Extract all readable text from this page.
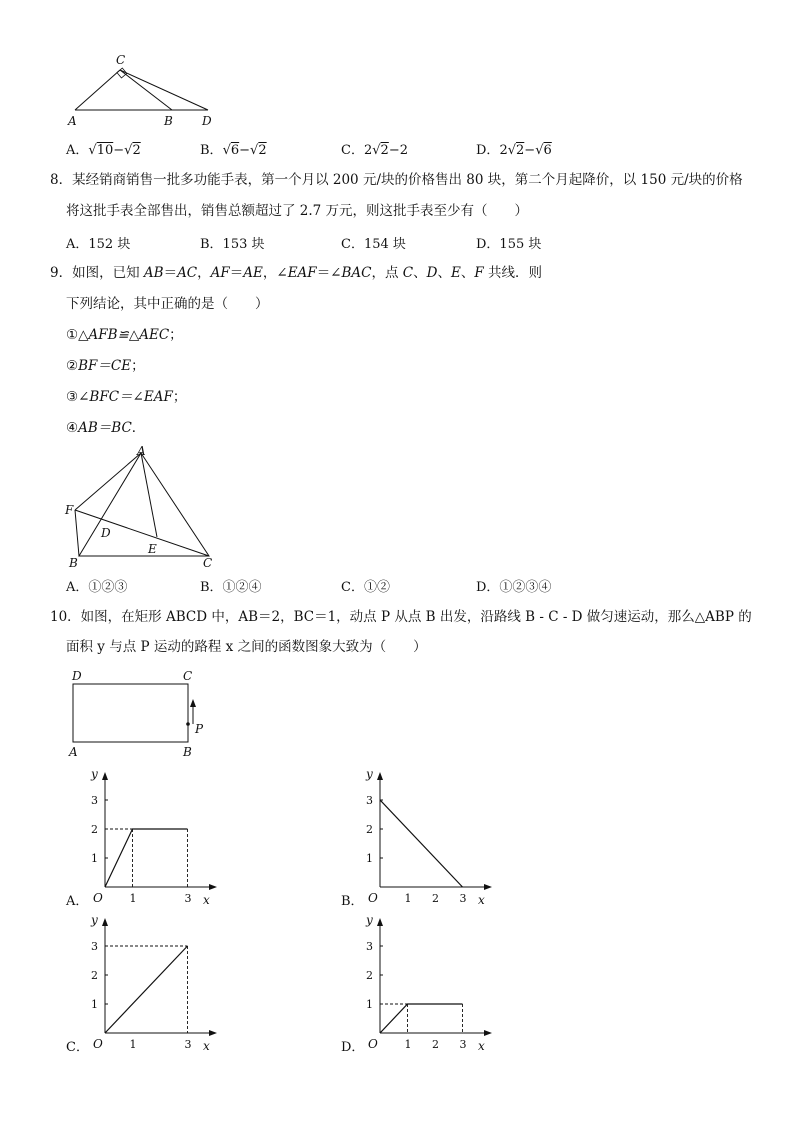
C
A	B D
A．√10−√2	B．√6−√2	C．2√2−2	D．2√2−√6
8．某经销商销售一批多功能手表，第一个月以 200 元/块的价格售出 80 块，第二个月起降价，以 150 元/块的价格
将这批手表全部售出，销售总额超过了 2.7 万元，则这批手表至少有（　　）
A．152 块	B．153 块	C．154 块	D．155 块
9．如图，已知 AB＝AC，AF＝AE，∠EAF＝∠BAC，点 C、D、E、F 共线．则
下列结论，其中正确的是（　　）
①△AFB≌△AEC；
②BF＝CE；
③∠BFC＝∠EAF；
④AB＝BC．
A
F
D
E
B	C
A．①②③	B．①②④	C．①②	D．①②③④
10．如图，在矩形 ABCD 中，AB＝2，BC＝1，动点 P 从点 B 出发，沿路线 B - C - D 做匀速运动，那么△ABP 的
面积 y 与点 P 运动的路程 x 之间的函数图象大致为（　　）
D	C
A	B
P
A．	B．
C．	D．
y
x
O
1
2
3
1	3
y
x
O
1
2
3
1 2 3
y
x
O
1
2
3
1	3
y
x
O
1
2
3
1 2 3
